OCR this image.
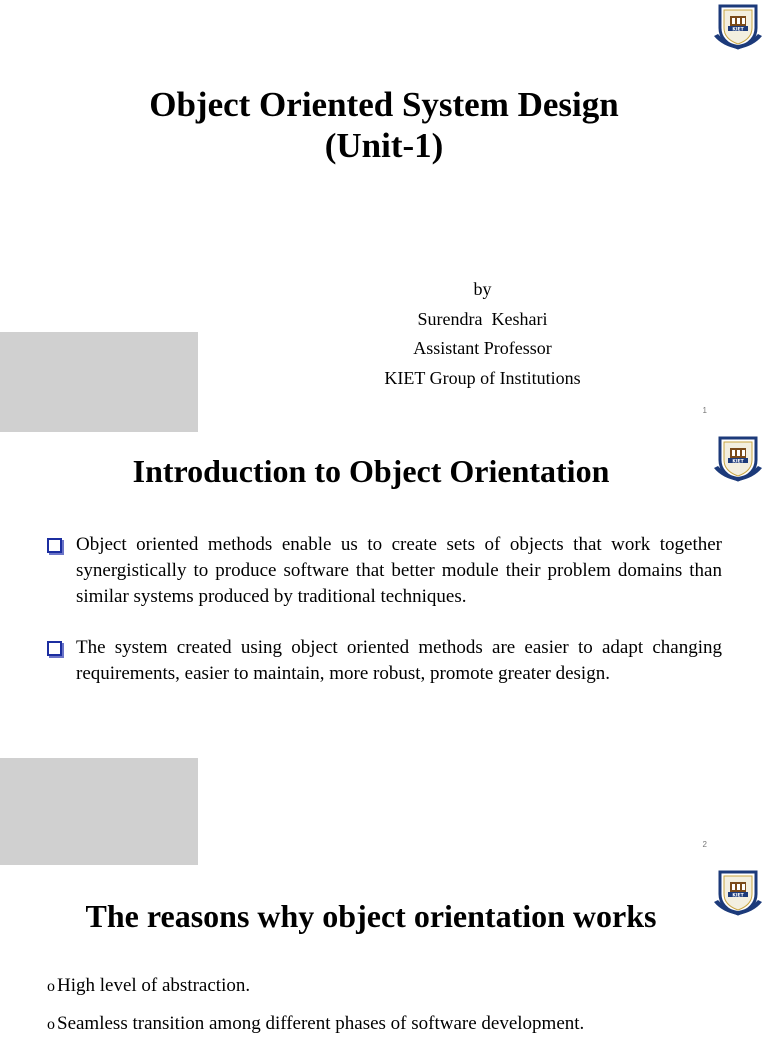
KIET
Object Oriented System Design
(Unit-1)
by
Surendra  Keshari
Assistant Professor
KIET Group of Institutions
1
KIET
2
Introduction to Object Orientation
Object oriented methods enable us to create sets of objects that work together synergistically to produce software that better module their problem domains than similar systems produced by traditional techniques.
The system created using object oriented methods are easier to adapt changing requirements, easier to maintain, more robust, promote greater design.
KIET
The reasons why object orientation works
o High level of abstraction.
o Seamless transition among different phases of software development.
